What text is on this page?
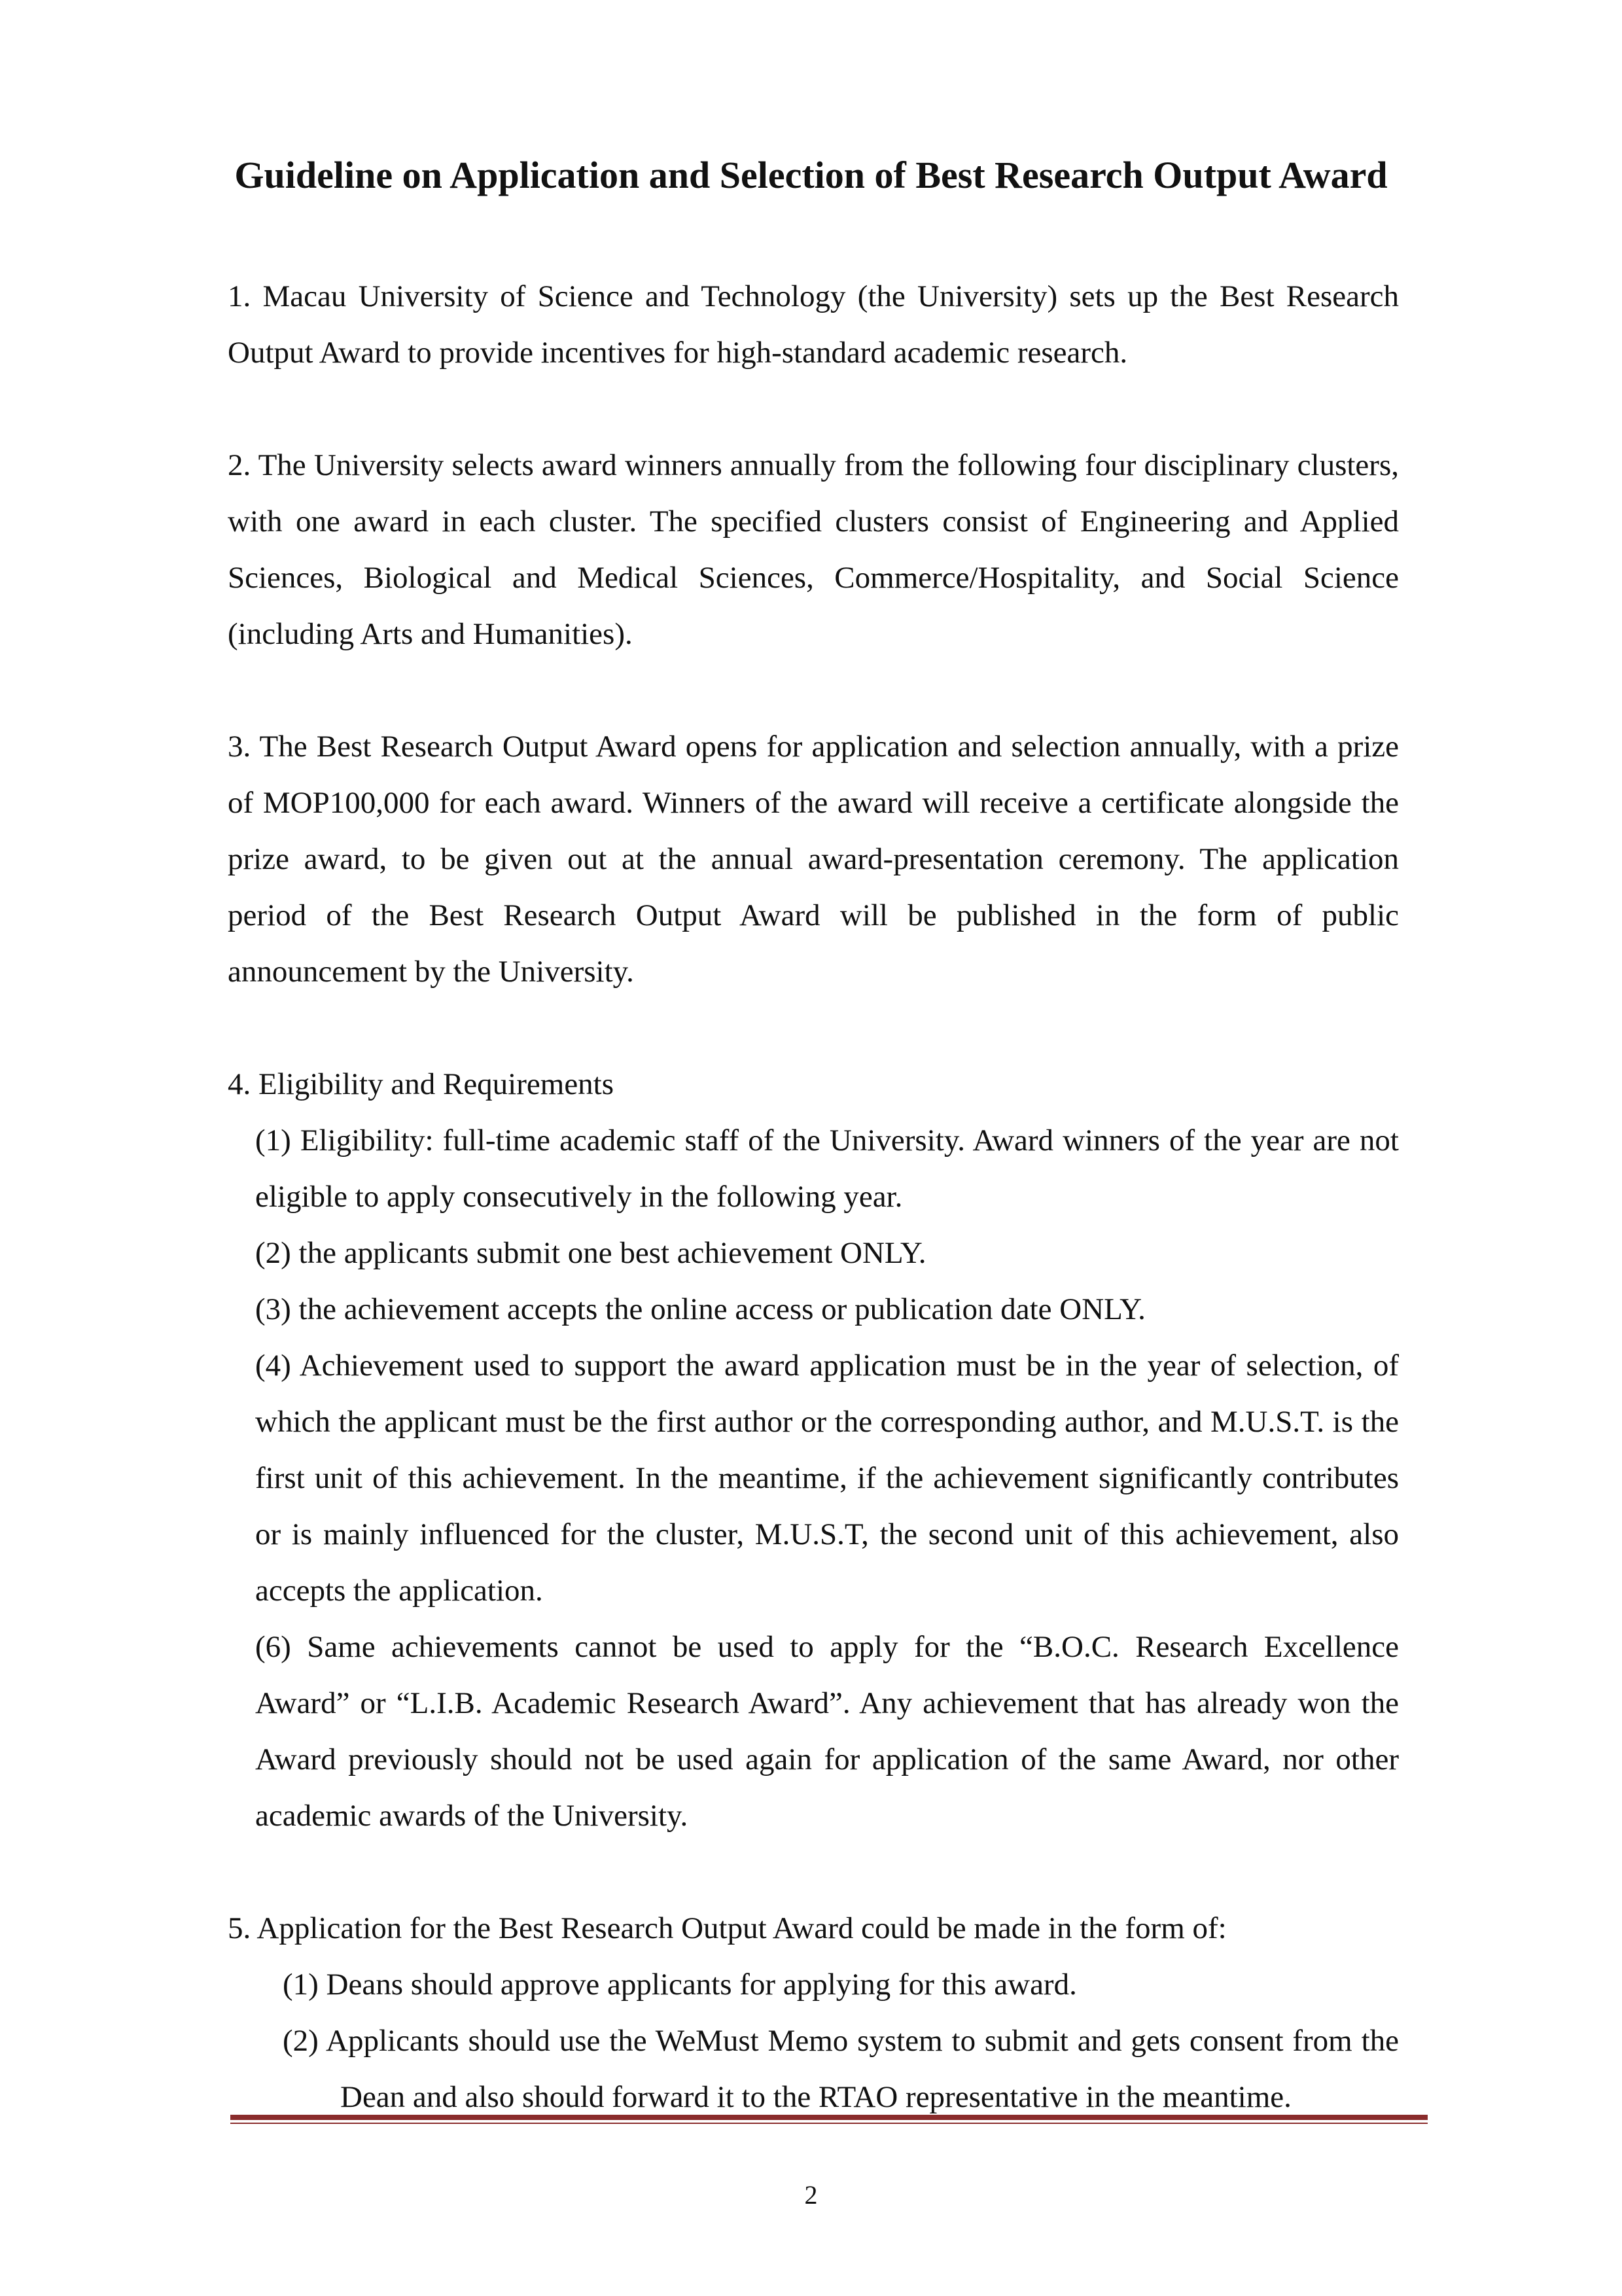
Guideline on Application and Selection of Best Research Output Award

1. Macau University of Science and Technology (the University) sets up the Best Research Output Award to provide incentives for high-standard academic research.

2. The University selects award winners annually from the following four disciplinary clusters, with one award in each cluster. The specified clusters consist of Engineering and Applied Sciences, Biological and Medical Sciences, Commerce/Hospitality, and Social Science (including Arts and Humanities).

3. The Best Research Output Award opens for application and selection annually, with a prize of MOP100,000 for each award. Winners of the award will receive a certificate alongside the prize award, to be given out at the annual award-presentation ceremony. The application period of the Best Research Output Award will be published in the form of public announcement by the University.

4. Eligibility and Requirements

(1) Eligibility: full-time academic staff of the University. Award winners of the year are not eligible to apply consecutively in the following year.

(2) the applicants submit one best achievement ONLY.

(3) the achievement accepts the online access or publication date ONLY.

(4) Achievement used to support the award application must be in the year of selection, of which the applicant must be the first author or the corresponding author, and M.U.S.T. is the first unit of this achievement. In the meantime, if the achievement significantly contributes or is mainly influenced for the cluster, M.U.S.T, the second unit of this achievement, also accepts the application.

(6) Same achievements cannot be used to apply for the “B.O.C. Research Excellence Award” or “L.I.B. Academic Research Award”. Any achievement that has already won the Award previously should not be used again for application of the same Award, nor other academic awards of the University.

5. Application for the Best Research Output Award could be made in the form of:

(1) Deans should approve applicants for applying for this award.

(2) Applicants should use the WeMust Memo system to submit and gets consent from the Dean and also should forward it to the RTAO representative in the meantime.

2
